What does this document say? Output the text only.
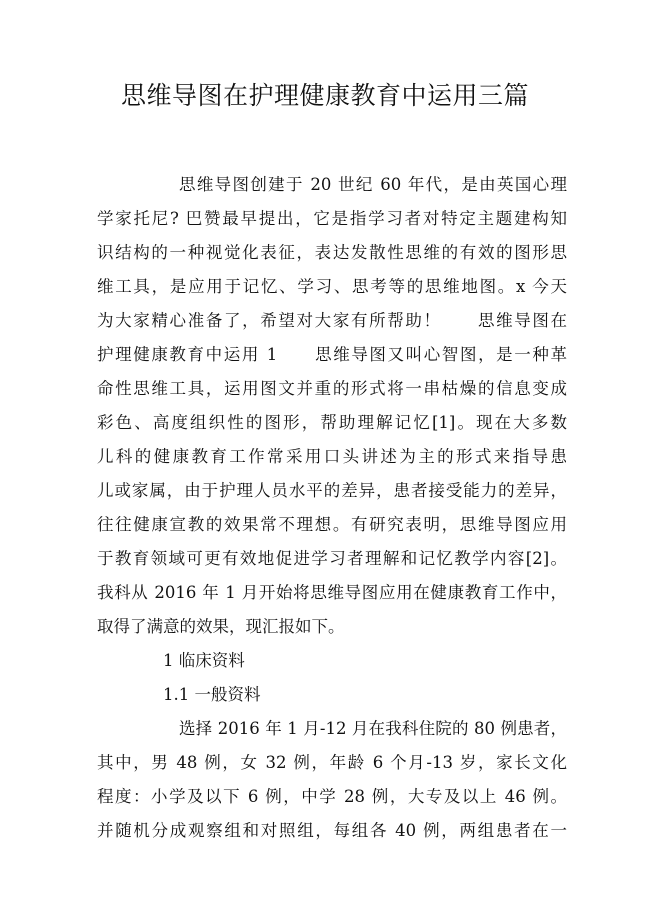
思维导图在护理健康教育中运用三篇
思维导图创建于 20 世纪 60 年代，是由英国心理
学家托尼? 巴赞最早提出，它是指学习者对特定主题建构知
识结构的一种视觉化表征，表达发散性思维的有效的图形思
维工具，是应用于记忆、学习、思考等的思维地图。x 今天
为大家精心准备了，希望对大家有所帮助！　　思维导图在
护理健康教育中运用 1　　思维导图又叫心智图，是一种革
命性思维工具，运用图文并重的形式将一串枯燥的信息变成
彩色、高度组织性的图形，帮助理解记忆[1]。现在大多数
儿科的健康教育工作常采用口头讲述为主的形式来指导患
儿或家属，由于护理人员水平的差异，患者接受能力的差异，
往往健康宣教的效果常不理想。有研究表明，思维导图应用
于教育领域可更有效地促进学习者理解和记忆教学内容[2]。
我科从 2016 年 1 月开始将思维导图应用在健康教育工作中，
取得了满意的效果，现汇报如下。
1 临床资料
1.1 一般资料
选择 2016 年 1 月-12 月在我科住院的 80 例患者，
其中，男 48 例，女 32 例，年龄 6 个月-13 岁，家长文化
程度：小学及以下 6 例，中学 28 例，大专及以上 46 例。
并随机分成观察组和对照组，每组各 40 例，两组患者在一
